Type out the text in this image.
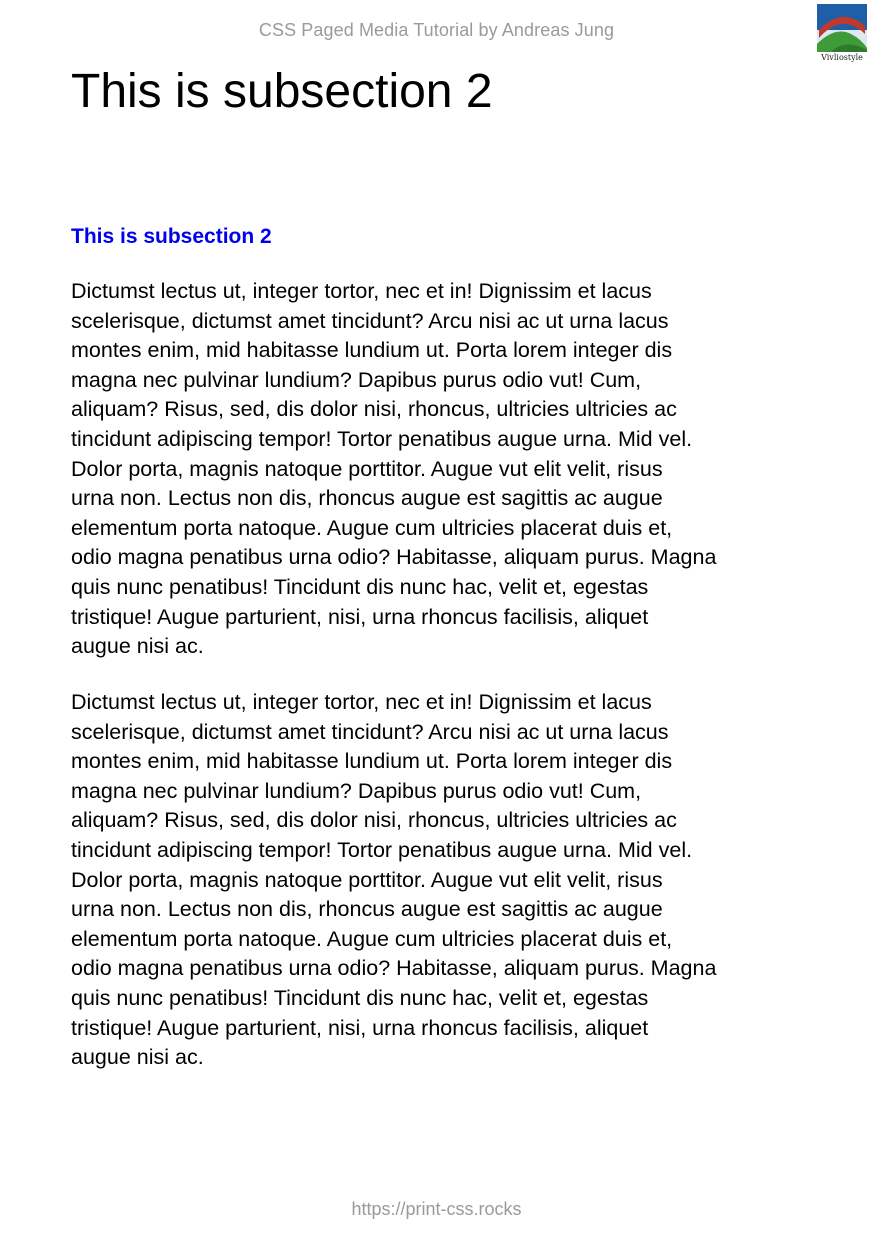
CSS Paged Media Tutorial by Andreas Jung
Vivliostyle
This is subsection 2
This is subsection 2

Dictumst lectus ut, integer tortor, nec et in! Dignissim et lacus
scelerisque, dictumst amet tincidunt? Arcu nisi ac ut urna lacus
montes enim, mid habitasse lundium ut. Porta lorem integer dis
magna nec pulvinar lundium? Dapibus purus odio vut! Cum,
aliquam? Risus, sed, dis dolor nisi, rhoncus, ultricies ultricies ac
tincidunt adipiscing tempor! Tortor penatibus augue urna. Mid vel.
Dolor porta, magnis natoque porttitor. Augue vut elit velit, risus
urna non. Lectus non dis, rhoncus augue est sagittis ac augue
elementum porta natoque. Augue cum ultricies placerat duis et,
odio magna penatibus urna odio? Habitasse, aliquam purus. Magna
quis nunc penatibus! Tincidunt dis nunc hac, velit et, egestas
tristique! Augue parturient, nisi, urna rhoncus facilisis, aliquet
augue nisi ac.

Dictumst lectus ut, integer tortor, nec et in! Dignissim et lacus
scelerisque, dictumst amet tincidunt? Arcu nisi ac ut urna lacus
montes enim, mid habitasse lundium ut. Porta lorem integer dis
magna nec pulvinar lundium? Dapibus purus odio vut! Cum,
aliquam? Risus, sed, dis dolor nisi, rhoncus, ultricies ultricies ac
tincidunt adipiscing tempor! Tortor penatibus augue urna. Mid vel.
Dolor porta, magnis natoque porttitor. Augue vut elit velit, risus
urna non. Lectus non dis, rhoncus augue est sagittis ac augue
elementum porta natoque. Augue cum ultricies placerat duis et,
odio magna penatibus urna odio? Habitasse, aliquam purus. Magna
quis nunc penatibus! Tincidunt dis nunc hac, velit et, egestas
tristique! Augue parturient, nisi, urna rhoncus facilisis, aliquet
augue nisi ac.

https://print-css.rocks
